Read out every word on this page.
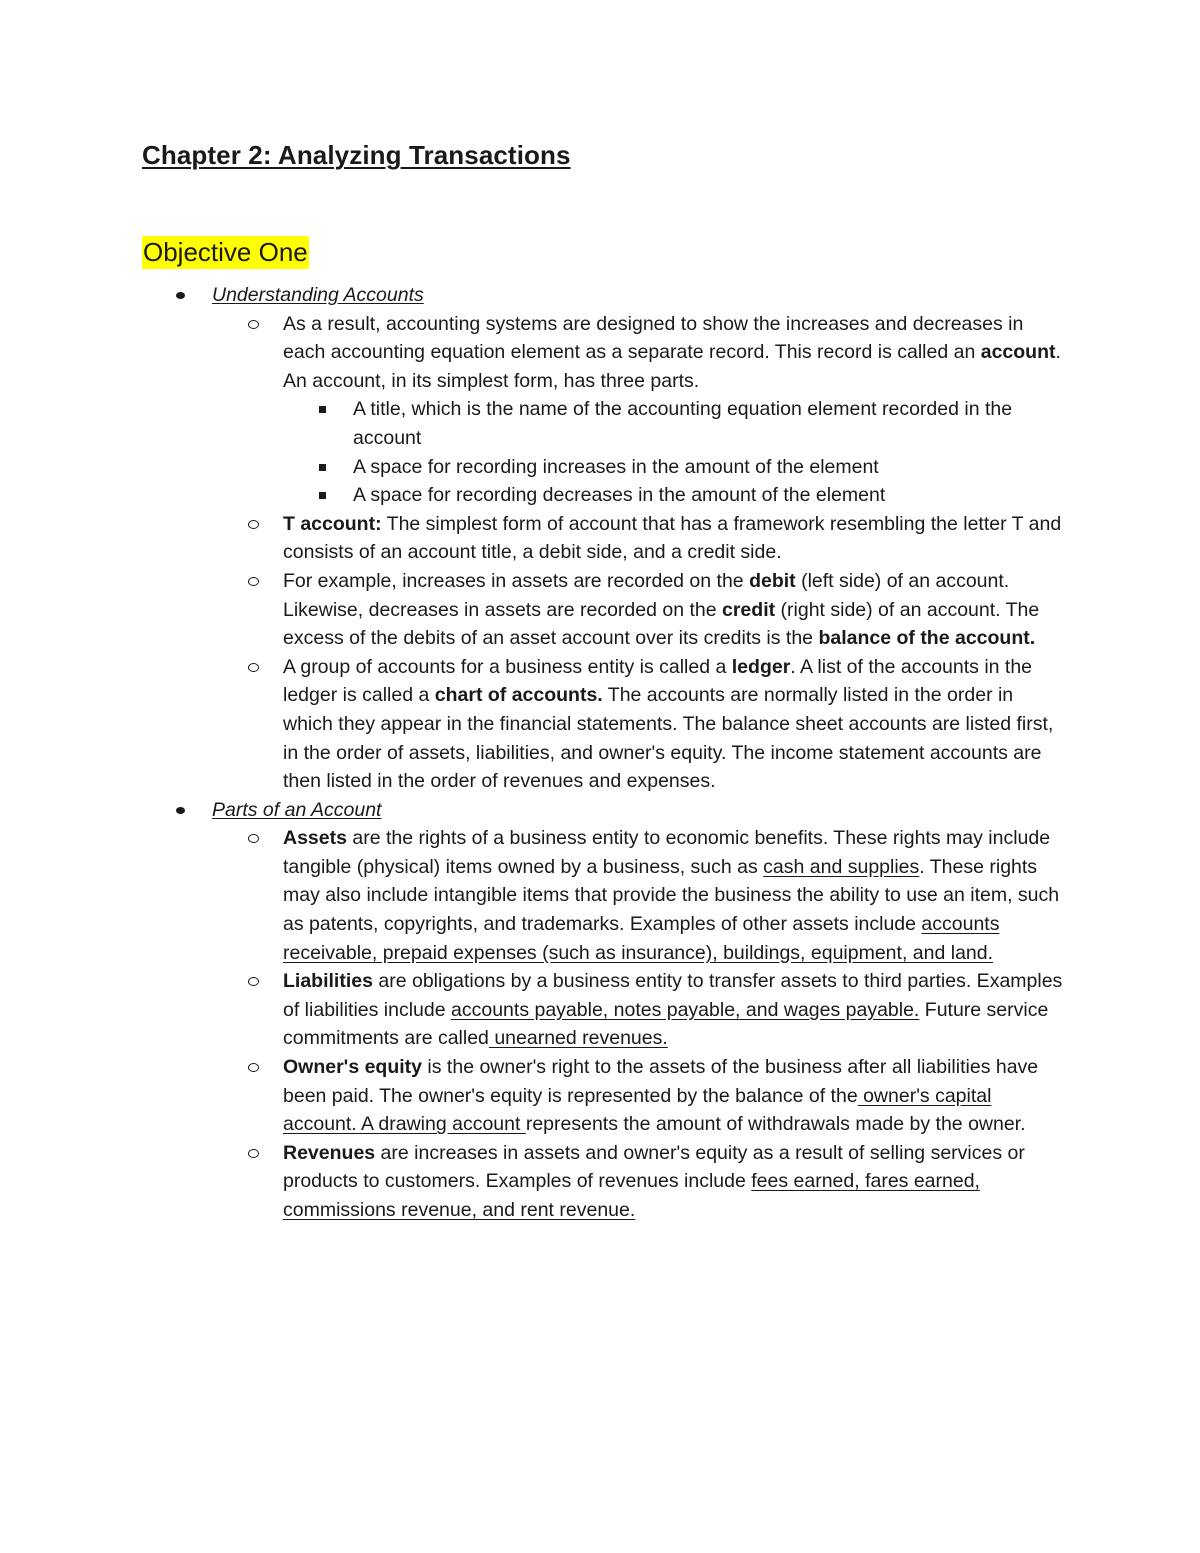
Chapter 2: Analyzing Transactions
Objective One
Understanding Accounts
As a result, accounting systems are designed to show the increases and decreases in each accounting equation element as a separate record. This record is called an account. An account, in its simplest form, has three parts.
A title, which is the name of the accounting equation element recorded in the account
A space for recording increases in the amount of the element
A space for recording decreases in the amount of the element
T account: The simplest form of account that has a framework resembling the letter T and consists of an account title, a debit side, and a credit side.
For example, increases in assets are recorded on the debit (left side) of an account. Likewise, decreases in assets are recorded on the credit (right side) of an account. The excess of the debits of an asset account over its credits is the balance of the account.
A group of accounts for a business entity is called a ledger. A list of the accounts in the ledger is called a chart of accounts. The accounts are normally listed in the order in which they appear in the financial statements. The balance sheet accounts are listed first, in the order of assets, liabilities, and owner's equity. The income statement accounts are then listed in the order of revenues and expenses.
Parts of an Account
Assets are the rights of a business entity to economic benefits. These rights may include tangible (physical) items owned by a business, such as cash and supplies. These rights may also include intangible items that provide the business the ability to use an item, such as patents, copyrights, and trademarks. Examples of other assets include accounts receivable, prepaid expenses (such as insurance), buildings, equipment, and land.
Liabilities are obligations by a business entity to transfer assets to third parties. Examples of liabilities include accounts payable, notes payable, and wages payable. Future service commitments are called unearned revenues.
Owner's equity is the owner's right to the assets of the business after all liabilities have been paid. The owner's equity is represented by the balance of the owner's capital account. A drawing account represents the amount of withdrawals made by the owner.
Revenues are increases in assets and owner's equity as a result of selling services or products to customers. Examples of revenues include fees earned, fares earned, commissions revenue, and rent revenue.
